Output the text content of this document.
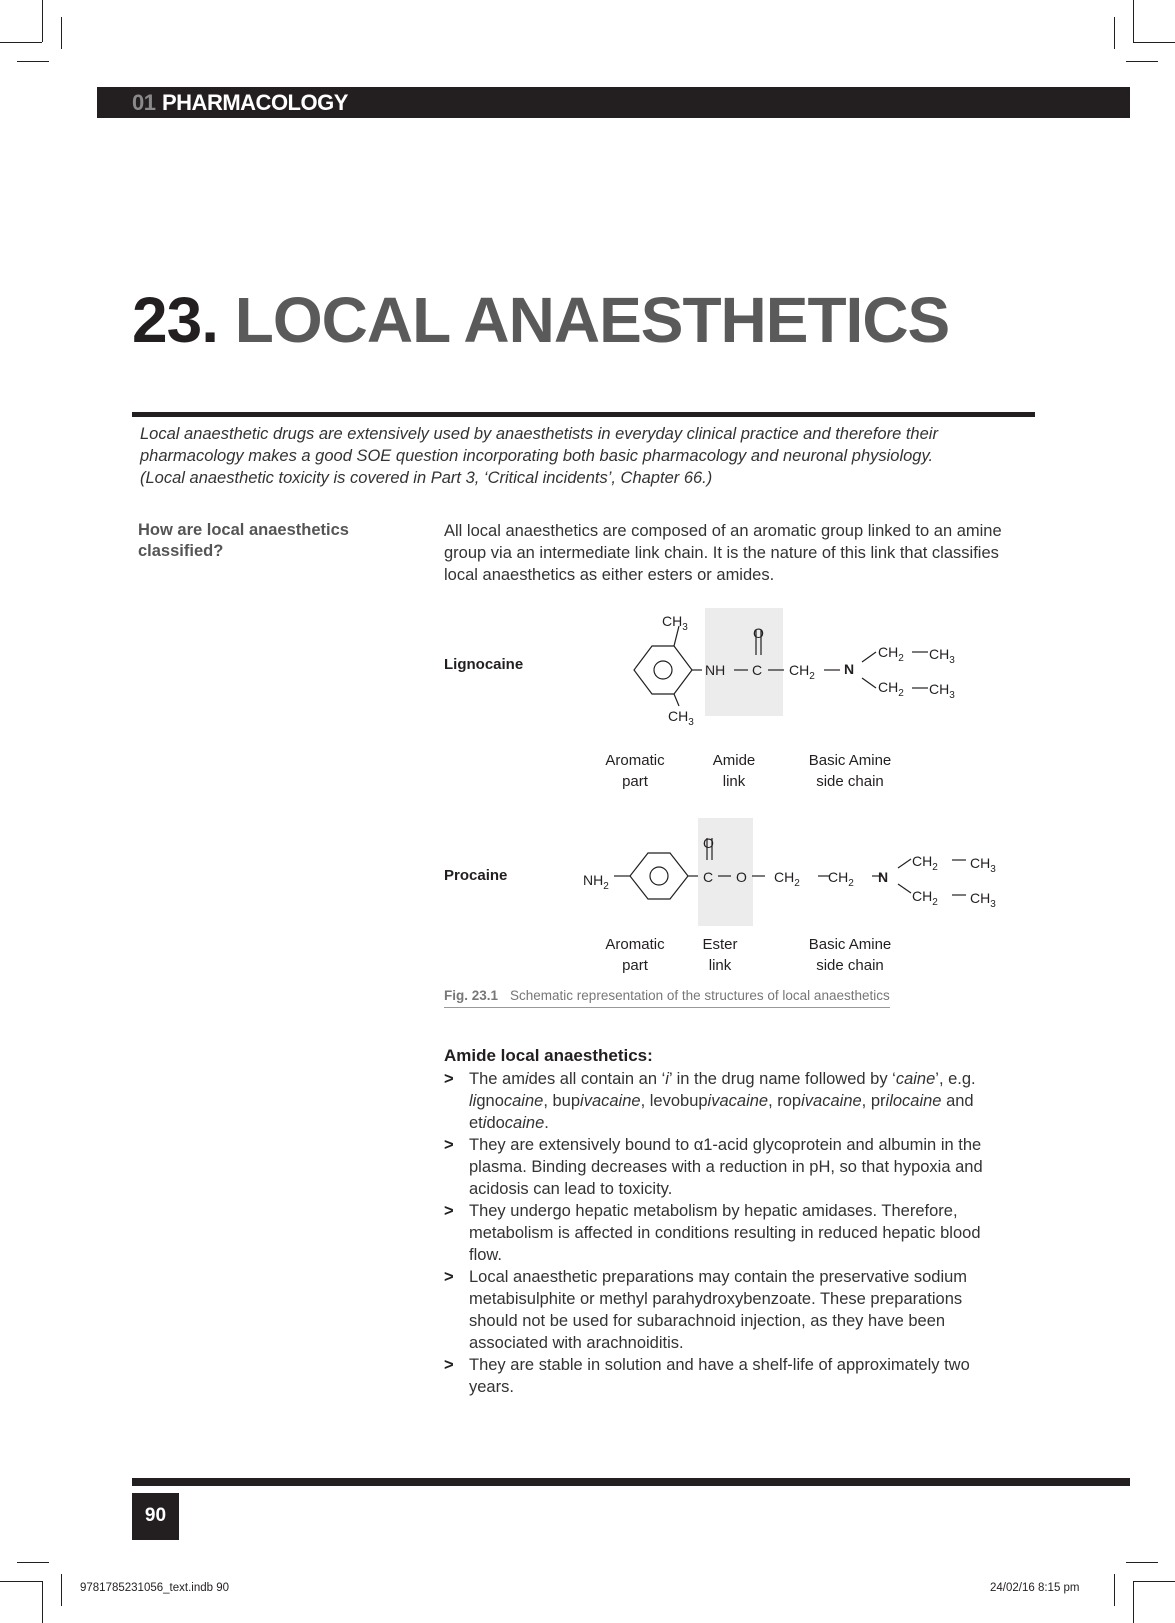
01 PHARMACOLOGY
23. LOCAL ANAESTHETICS

Local anaesthetic drugs are extensively used by anaesthetists in everyday clinical practice and therefore their

pharmacology makes a good SOE question incorporating both basic pharmacology and neuronal physiology.

(Local anaesthetic toxicity is covered in Part 3, ‘Critical incidents’, Chapter 66.)

How are local anaesthetics classified?
All local anaesthetics are composed of an aromatic group linked to an amine group via an intermediate link chain. It is the nature of this link that classifies local anaesthetics as either esters or amides.
Lignocaine
$CH_3$
$CH_3$
NH
O
C $CH_2$ N
$CH_2$ $CH_3$
$CH_2$ $CH_3$
Aromatic
part
Amide
link
Basic Amine
side chain
Procaine	$NH_2$
O
C O $CH_2$ $CH_2$ N
$CH_2$ $CH_3$
$CH_2$ $CH_3$
Aromatic
part
Ester
link
Basic Amine
side chain
Fig. 23.1 Schematic representation of the structures of local anaesthetics
Amide local anaesthetics:
> The amides all contain an ‘i’ in the drug name followed by ‘caine’, e.g. lignocaine, bupivacaine, levobupivacaine, ropivacaine, prilocaine and etidocaine.
> They are extensively bound to α1-acid glycoprotein and albumin in the plasma. Binding decreases with a reduction in pH, so that hypoxia and acidosis can lead to toxicity.
> They undergo hepatic metabolism by hepatic amidases. Therefore, metabolism is affected in conditions resulting in reduced hepatic blood flow.
> Local anaesthetic preparations may contain the preservative sodium metabisulphite or methyl parahydroxybenzoate. These preparations should not be used for subarachnoid injection, as they have been associated with arachnoiditis.
> They are stable in solution and have a shelf-life of approximately two years.
90
9781785231056_text.indb 90	24/02/16 8:15 pm
